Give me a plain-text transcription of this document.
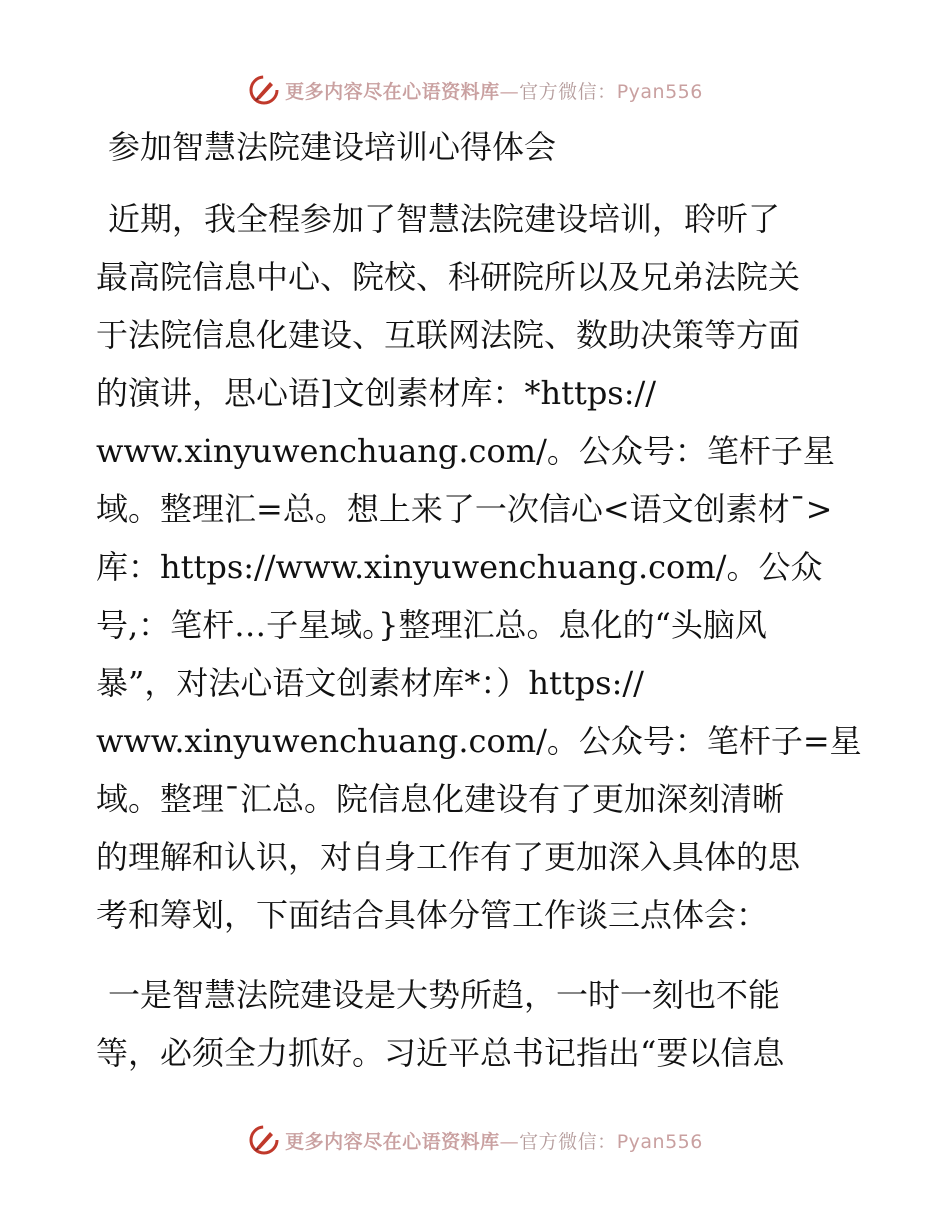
更多内容尽在心语资料库—官方微信：Pyan556
参加智慧法院建设培训心得体会

近期，我全程参加了智慧法院建设培训，聆听了
最高院信息中心、院校、科研院所以及兄弟法院关
于法院信息化建设、互联网法院、数助决策等方面
的演讲，思心语]文创素材库：*https://
www.xinyuwenchuang.com/。公众号：笔杆子星
域。整理汇=总。想上来了一次信心<语文创素材¯>
库：https://www.xinyuwenchuang.com/。公众
号,：笔杆…子星域。}整理汇总。息化的“头脑风
暴”，对法心语文创素材库*：）https://
www.xinyuwenchuang.com/。公众号：笔杆子=星
域。整理¯汇总。院信息化建设有了更加深刻清晰
的理解和认识，对自身工作有了更加深入具体的思
考和筹划，下面结合具体分管工作谈三点体会：

一是智慧法院建设是大势所趋，一时一刻也不能
等，必须全力抓好。习近平总书记指出“要以信息

更多内容尽在心语资料库—官方微信：Pyan556
